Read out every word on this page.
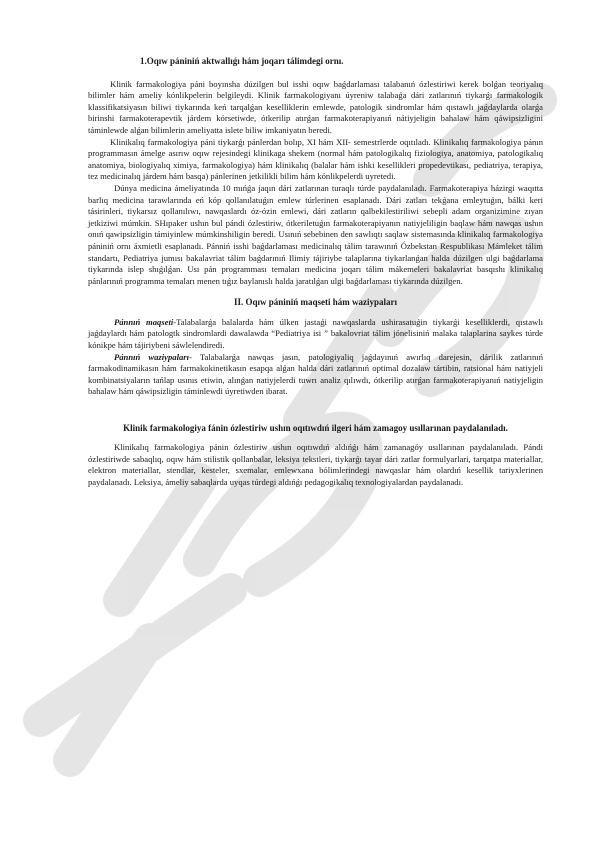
1.Oqıw pániniń aktwallıǵı hám joqarı tálimdegi ornı.

Klinik farmakologiya páni boyınsha dúzilgen bul isshi oqıw baǵdarlaması talabanıń ózlestiriwi kerek bolǵan teoriyalıq bilimler hám ameliy kónlikpelerin belgileydi. Klinik farmakologiyanı úyreniw talabaǵa dári zatlarınıń tiykarǵı farmakologik klassifikatsiyasın biliwi tiykarında keń tarqalǵan keselliklerin emlewde, patologik sindromlar hám qıstawlı jaǵdaylarda olarǵa birinshi farmakoterapevtik járdem kórsetiwde, ótkerilip atırǵan farmakoterapiyanıń nátiyjeligin bahalaw hám qáwipsizligini táminlewde alǵan bilimlerin ameliyatta islete biliw imkaniyatın beredi.

Klinikalıq farmakologiya páni tiykarǵı pánlerdan bolıp, XI hám XII- semestrlerde oqıtıladı. Klinikalıq farmakologiya pánın programmasın ámelge asırıw oqıw rejesindegi klinikaga shekem (normal hám patologikalıq fiziologiya, anatomiya, patologikalıq anatomiya, biologiyalıq ximiya, farmakologiya) hám klinikalıq (balalar hám ishki kesellikleri propedevtikası, pediatriya, terapiya, tez medicinalıq járdem hám basqa) pánlerinen jetkilikli bilim hám kónlikpelerdi uyretedi.

Dúnya medicina ámeliyatında 10 mıńǵa jaqın dári zatlarınan turaqlı túrde paydalanıladı. Farmakoterapiya házirgi waqıtta barlıq medicina tarawlarında eń kóp qollanılatuǵın emlew túrlerinen esaplanadı. Dári zatları tekǵana emleytuǵın, bálki keri tásirinleri, tiykarsız qollanılıwı, nawqaslardı óz-ózin emlewi, dári zatların qalbekilestiriliwi sebepli adam organizimine zıyan jetkiziwi múmkin. SHıpaker ushın bul pándi ózlestiriw, ótkeriletuǵın farmakoterapiyanın natiyjeliligin baqlaw hám nawqas ushın onıń qawipsizligin támiyinlew múmkinshiligin beredi. Usınıń sebebinen den sawlıqtı saqlaw sistemasında klinikalıq farmakologiya pániniń ornı áxmietli esaplanadı. Pánniń isshi baǵdarlaması medicinalıq tálim tarawınıń Ózbekstan Respublikası Mámleket tálim standartı, Pediatriya jumısı bakalavriat tálim baǵdarınıń Ilimiy tájiriybe talaplarına tiykarlanǵan halda dúzilgen ulgi baǵdarlama tiykarında islep shıǵılǵan. Usı pán programması temaları medicina joqarı tálim mákemeleri bakalavriat basqıshı klinikalıq pánlarınıń programma temaları menen tıǵız baylanıslı halda jaratılǵan ulgi baǵdarlaması tiykarında dúzilgen.

II. Oqıw pániniń maqseti hám waziypaları

Pánnıń maqseti-Talabalarǵa balalarda hám úlken jastaǵi nawqaslarda ushirasatuǵin tiykarǵi keselliklerdi, qıstawlı jaǵdaylardı hám patologtk sindromlardi dawalawda “Pediatriya isi ” bakalovriat tálim jónelisiniń malaka talaplarina saykes túrde kónikpe hám tájiriybeni sáwlelendiredi.

Pánnıń waziypaları- Talabalarǵa nawqas jasın, patologiyaliq jaǵdayınıń awırlıq darejesin, dárilik zatlarınıń farmakodinamikasın hám farmakokinetikasın esapqa alǵan halda dári zatlarınıń optimal dozalaw tártibin, ratsional hám natiyjeli kombinatsiyaların tańlap usınıs etiwin, alınǵan natiyjelerdi tuwrı analiz qılıwdı, ótkerilip atırǵan farmakoterapiyanıń natiyjeligin bahalaw hám qáwipsizligin táminlewdi úyretiwden ibarat.

Klinik farmakologiya fánin ózlestiriw ushın oqıtıwdıń ilgeri hám zamagoy usıllarınan paydalanıladı.

Klinikalıq farmakologiya pánin ózlestiriw ushın oqıtıwdıń aldıńǵı hám zamanagóy usıllarınan paydalanıladı. Pándi ózlestiriwde sabaqlıq, oqıw hám stilistik qollanbalar, leksiya tekstleri, tiykarǵı tayar dári zatlar formulyarlari, tarqatpa materiallar, elektron materiallar, stendlar, kesteler, sxemalar, emlewxana bólimlerindegi nawqaslar hám olardıń kesellik tariyxlerinen paydalanadı. Leksiya, ámeliy sabaqlarda uyqas túrdegi aldıńǵı pedagogikalıq texnologiyalardan paydalanadı.
